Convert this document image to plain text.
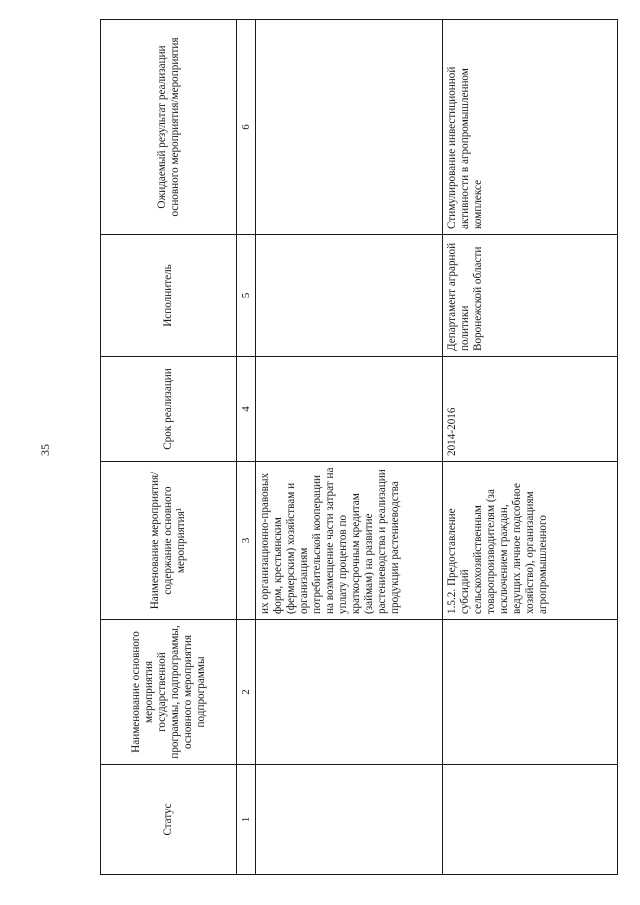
35
Статус	Наименование основного мероприятия государственной программы, подпрограммы, основного мероприятия подпрограммы	Наименование мероприятия/содержание основного мероприятия¹	Срок реализации	Исполнитель	Ожидаемый результат реализации основного мероприятия/мероприятия
1	2	3	4	5	6
		их организационно-правовых форм, крестьянским (фермерским) хозяйствам и организациям потребительской кооперации на возмещение части затрат на уплату процентов по краткосрочным кредитам (займам) на развитие растениеводства и реализации продукции растениеводства			
		1.5.2. Предоставление субсидий сельскохозяйственным товаропроизводителям (за исключением граждан, ведущих личное подсобное хозяйство), организациям агропромышленного	2014-2016	Департамент аграрной политики Воронежской области	Стимулирование инвестиционной активности в агропромышленном комплексе
